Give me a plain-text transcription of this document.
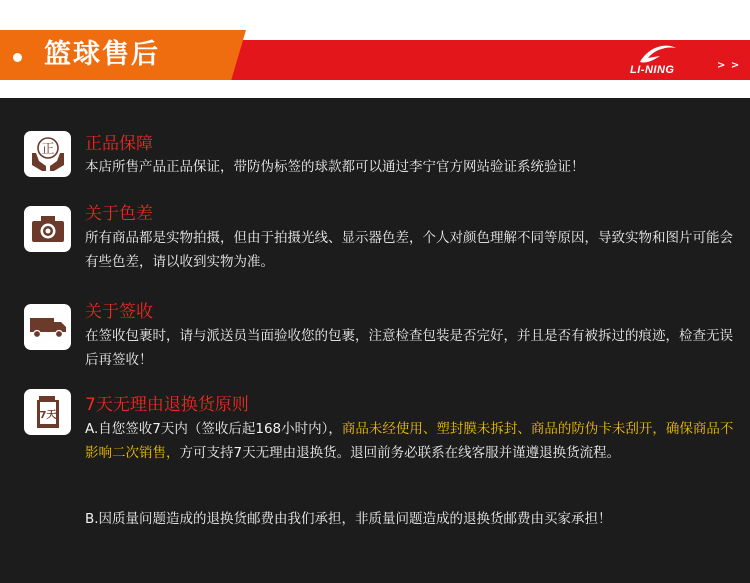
篮球售后	LI-NING	> >
正 正品保障
本店所售产品正品保证，带防伪标签的球款都可以通过李宁官方网站验证系统验证！
关于色差
所有商品都是实物拍摄，但由于拍摄光线、显示器色差，个人对颜色理解不同等原因，导致实物和图片可能会有些色差，请以收到实物为准。
关于签收
在签收包裹时，请与派送员当面验收您的包裹，注意检查包装是否完好，并且是否有被拆过的痕迹，检查无误后再签收！
7天
7天无理由退换货原则
A.自您签收7天内（签收后起168小时内），商品未经使用、塑封膜未拆封、商品的防伪卡未刮开，确保商品不影响二次销售，方可支持7天无理由退换货。退回前务必联系在线客服并谨遵退换货流程。
B.因质量问题造成的退换货邮费由我们承担，非质量问题造成的退换货邮费由买家承担！
